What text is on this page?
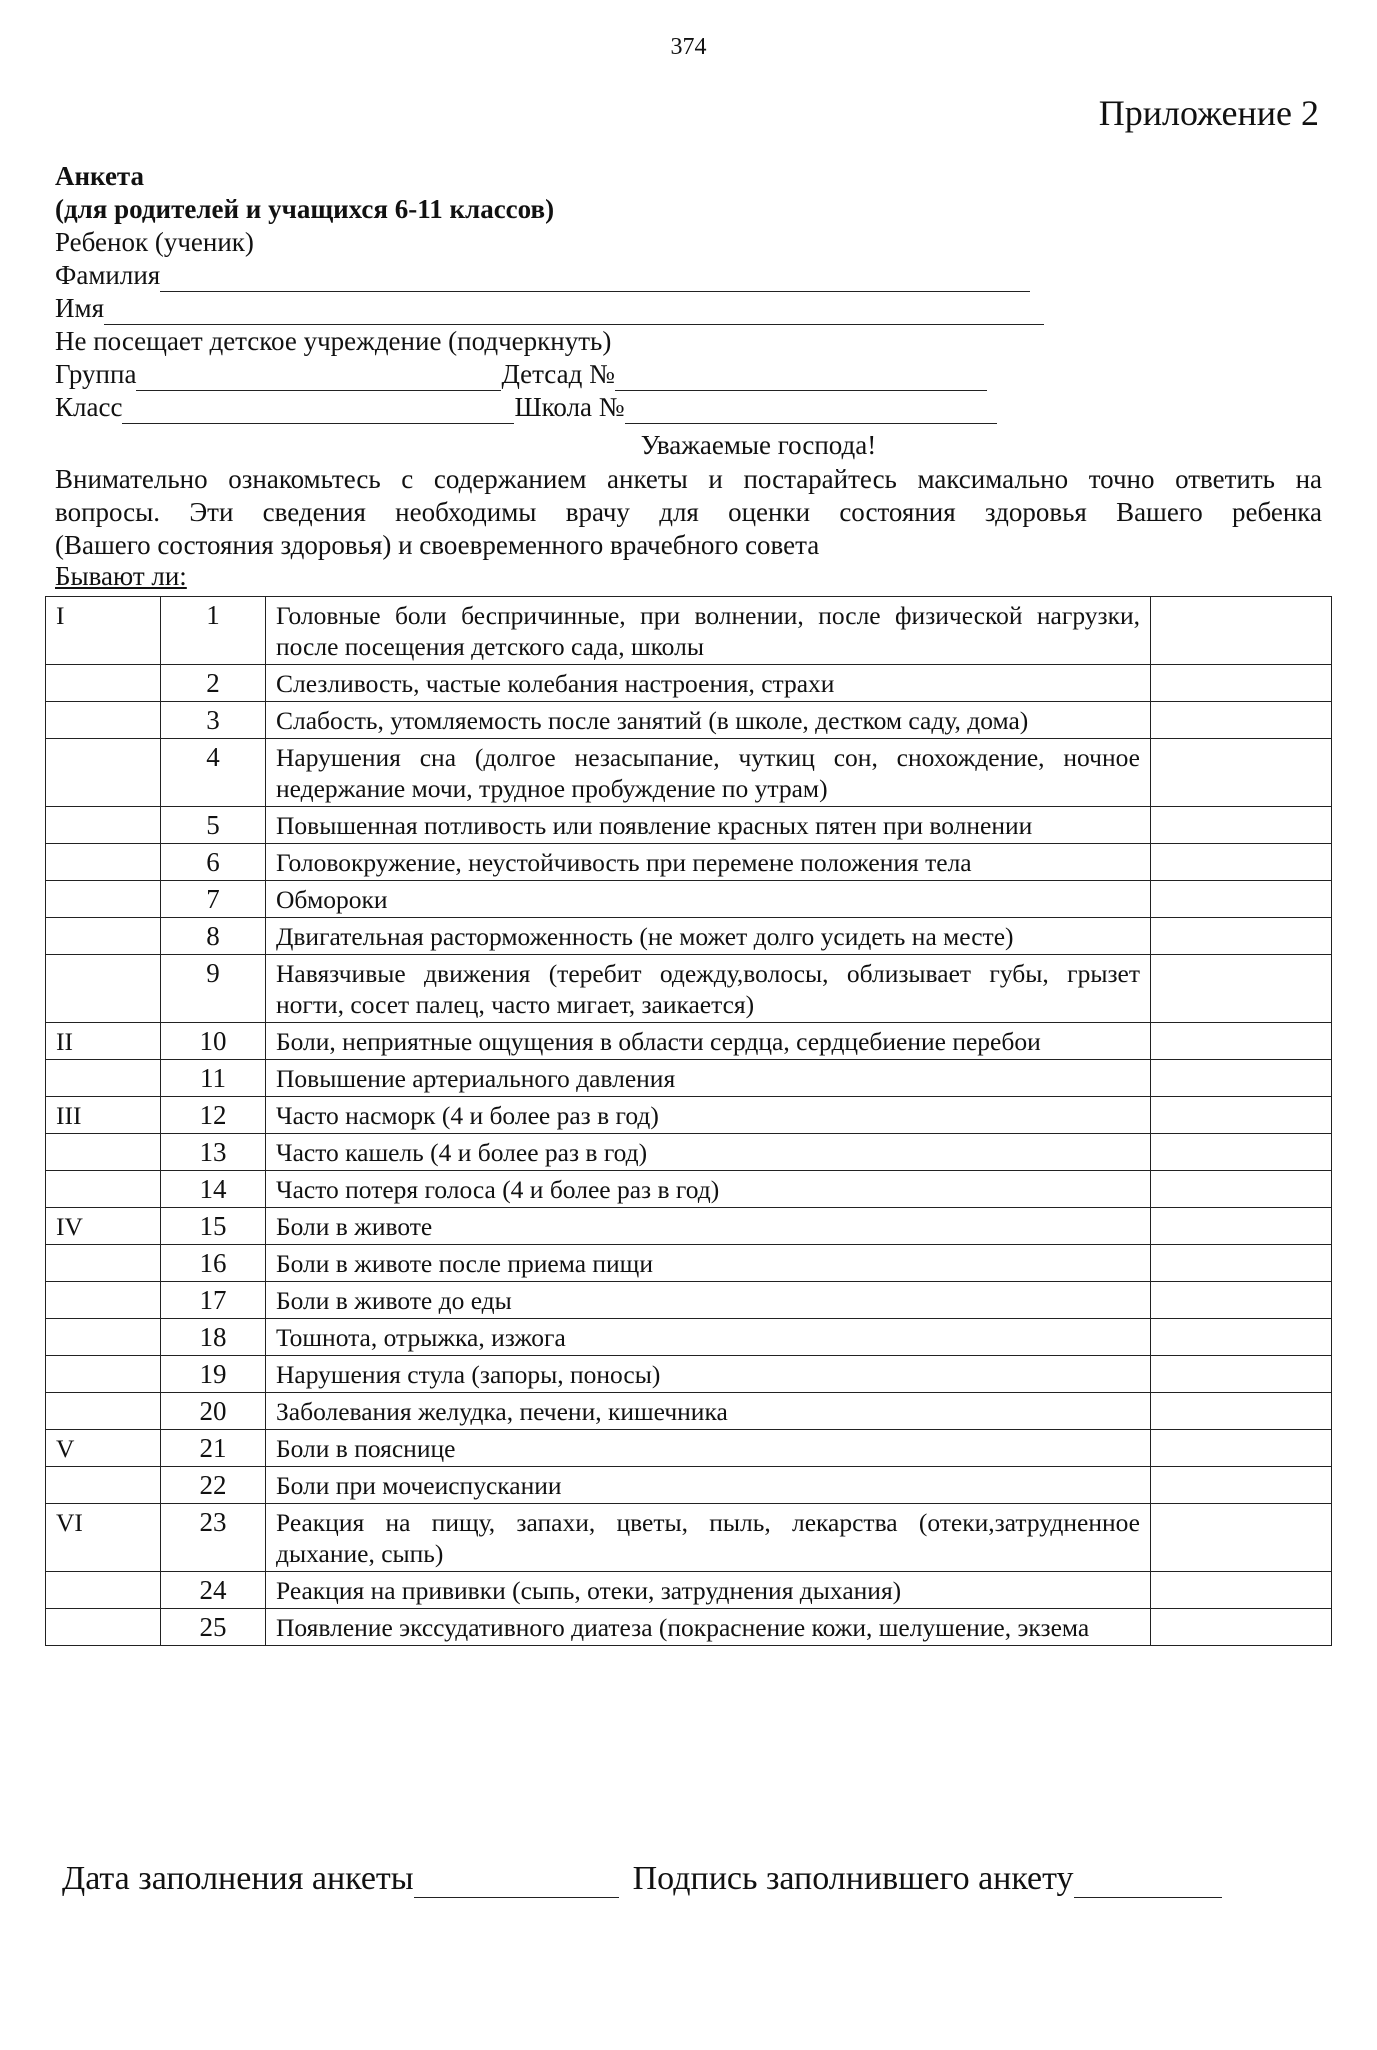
374
Приложение 2
Анкета
(для родителей и учащихся 6-11 классов)
Ребенок (ученик)
Фамилия
Имя
Не посещает детское учреждение (подчеркнуть)
Группа	Детсад №
Класс	Школа №
Уважаемые господа!
Внимательно ознакомьтесь с содержанием анкеты и постарайтесь максимально точно ответить на
вопросы. Эти сведения необходимы врачу для оценки состояния здоровья Вашего ребенка
(Вашего состояния здоровья) и своевременного врачебного совета
Бывают ли:
I	1	Головные боли беспричинные, при волнении, после физической нагрузки, после посещения детского сада, школы	
	2	Слезливость, частые колебания настроения, страхи	
	3	Слабость, утомляемость после занятий (в школе, дестком саду, дома)	
	4	Нарушения сна (долгое незасыпание, чуткиц сон, снохождение, ночное недержание мочи, трудное пробуждение по утрам)	
	5	Повышенная потливость или появление красных пятен при волнении	
	6	Головокружение, неустойчивость при перемене положения тела	
	7	Обмороки	
	8	Двигательная расторможенность (не может долго усидеть на месте)	
	9	Навязчивые движения (теребит одежду,волосы, облизывает губы, грызет ногти, сосет палец, часто мигает, заикается)	
II	10	Боли, неприятные ощущения в области сердца, сердцебиение перебои	
	11	Повышение артериального давления	
III	12	Часто насморк (4 и более раз в год)	
	13	Часто кашель (4 и более раз в год)	
	14	Часто потеря голоса (4 и более раз в год)	
IV	15	Боли в животе	
	16	Боли в животе после приема пищи	
	17	Боли в животе до еды	
	18	Тошнота, отрыжка, изжога	
	19	Нарушения стула (запоры, поносы)	
	20	Заболевания желудка, печени, кишечника	
V	21	Боли в пояснице	
	22	Боли при мочеиспускании	
VI	23	Реакция на пищу, запахи, цветы, пыль, лекарства (отеки,затрудненное дыхание, сыпь)	
	24	Реакция на прививки (сыпь, отеки, затруднения дыхания)	
	25	Появление экссудативного диатеза (покраснение кожи, шелушение, экзема	
Дата заполнения анкеты	Подпись заполнившего анкету
